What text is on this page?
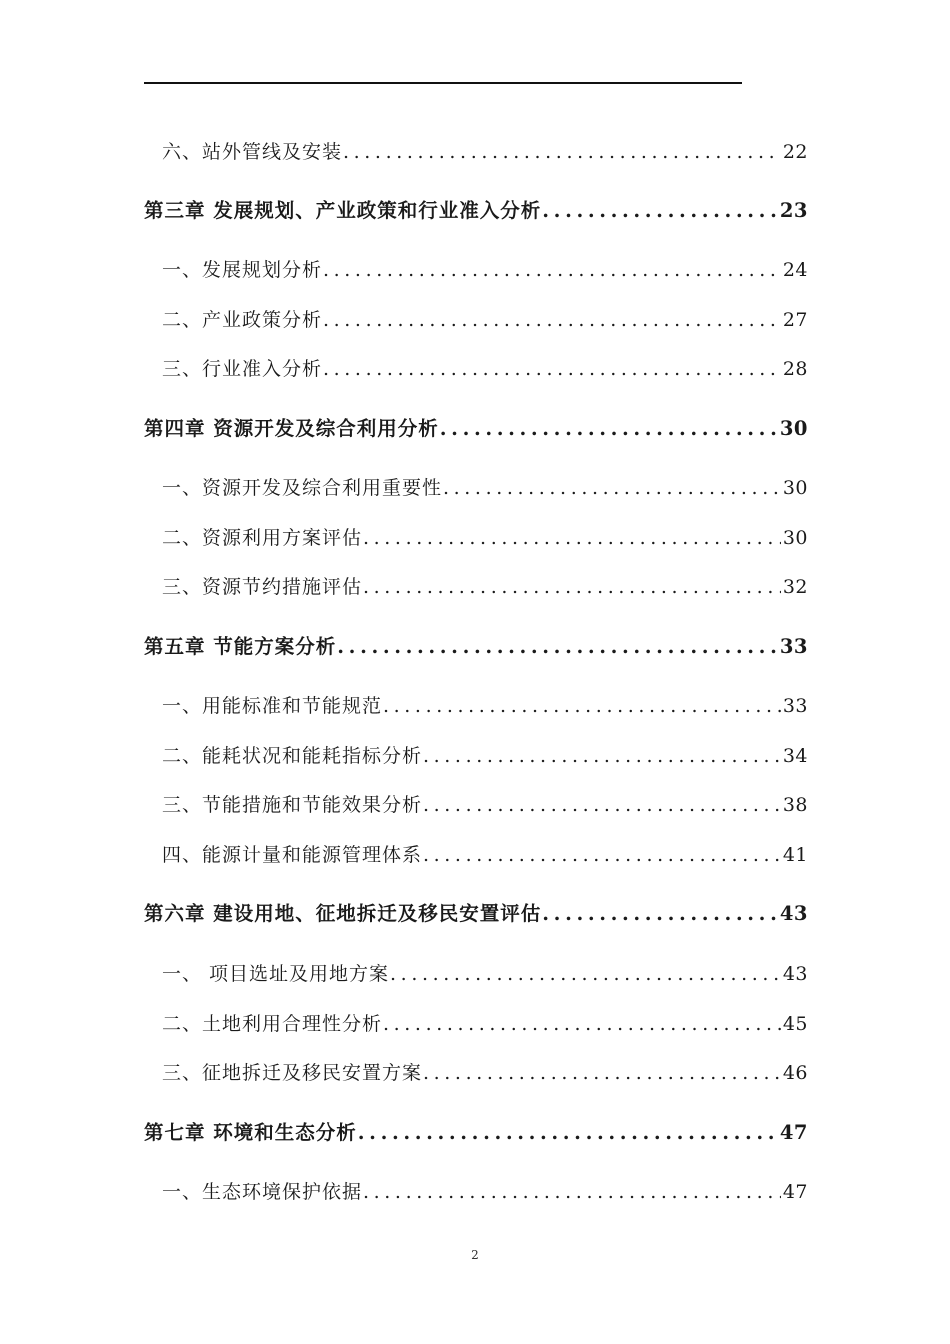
六、站外管线及安装 .....	22
第三章 发展规划、产业政策和行业准入分析 .....	23
一、发展规划分析 .....	24
二、产业政策分析 .....	27
三、行业准入分析 .....	28
第四章 资源开发及综合利用分析 .....	30
一、资源开发及综合利用重要性 .....	30
二、资源利用方案评估 .....	30
三、资源节约措施评估 .....	32
第五章 节能方案分析 .....	33
一、用能标准和节能规范 .....	33
二、能耗状况和能耗指标分析 .....	34
三、节能措施和节能效果分析 .....	38
四、能源计量和能源管理体系 .....	41
第六章 建设用地、征地拆迁及移民安置评估 .....	43
一、 项目选址及用地方案 .....	43
二、土地利用合理性分析 .....	45
三、征地拆迁及移民安置方案 .....	46
第七章 环境和生态分析 .....	47
一、生态环境保护依据 .....	47
2
